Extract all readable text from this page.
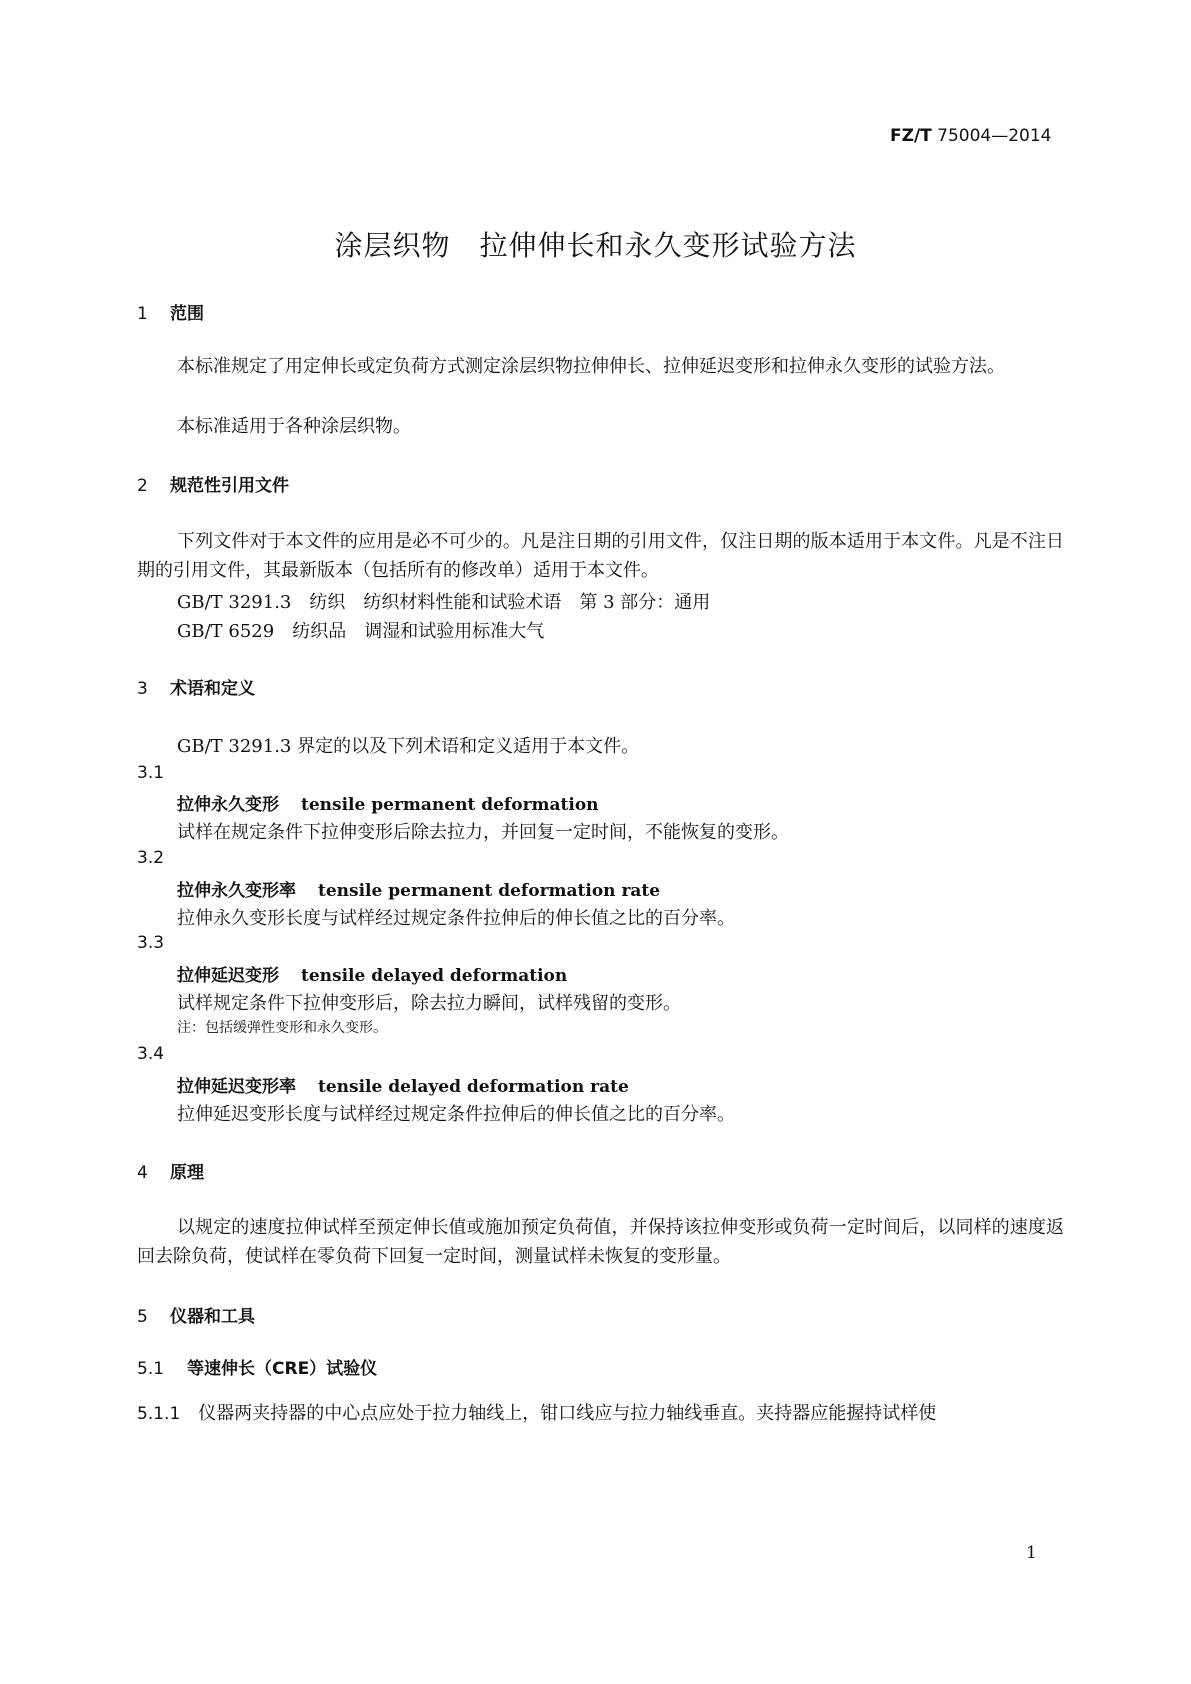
FZ/T 75004—2014
涂层织物　拉伸伸长和永久变形试验方法
1 范围
本标准规定了用定伸长或定负荷方式测定涂层织物拉伸伸长、拉伸延迟变形和拉伸永久变形的试验方法。
本标准适用于各种涂层织物。
2 规范性引用文件
下列文件对于本文件的应用是必不可少的。凡是注日期的引用文件，仅注日期的版本适用于本文件。凡是不注日期的引用文件，其最新版本（包括所有的修改单）适用于本文件。
GB/T 3291.3　纺织　纺织材料性能和试验术语　第 3 部分：通用
GB/T 6529　纺织品　调湿和试验用标准大气
3 术语和定义
GB/T 3291.3 界定的以及下列术语和定义适用于本文件。
3.1
拉伸永久变形 tensile permanent deformation
试样在规定条件下拉伸变形后除去拉力，并回复一定时间，不能恢复的变形。
3.2
拉伸永久变形率 tensile permanent deformation rate
拉伸永久变形长度与试样经过规定条件拉伸后的伸长值之比的百分率。
3.3
拉伸延迟变形 tensile delayed deformation
试样规定条件下拉伸变形后，除去拉力瞬间，试样残留的变形。
注：包括缓弹性变形和永久变形。
3.4
拉伸延迟变形率 tensile delayed deformation rate
拉伸延迟变形长度与试样经过规定条件拉伸后的伸长值之比的百分率。
4 原理
以规定的速度拉伸试样至预定伸长值或施加预定负荷值，并保持该拉伸变形或负荷一定时间后，以同样的速度返回去除负荷，使试样在零负荷下回复一定时间，测量试样未恢复的变形量。
5 仪器和工具
5.1 等速伸长（CRE）试验仪
5.1.1 仪器两夹持器的中心点应处于拉力轴线上，钳口线应与拉力轴线垂直。夹持器应能握持试样使
1
